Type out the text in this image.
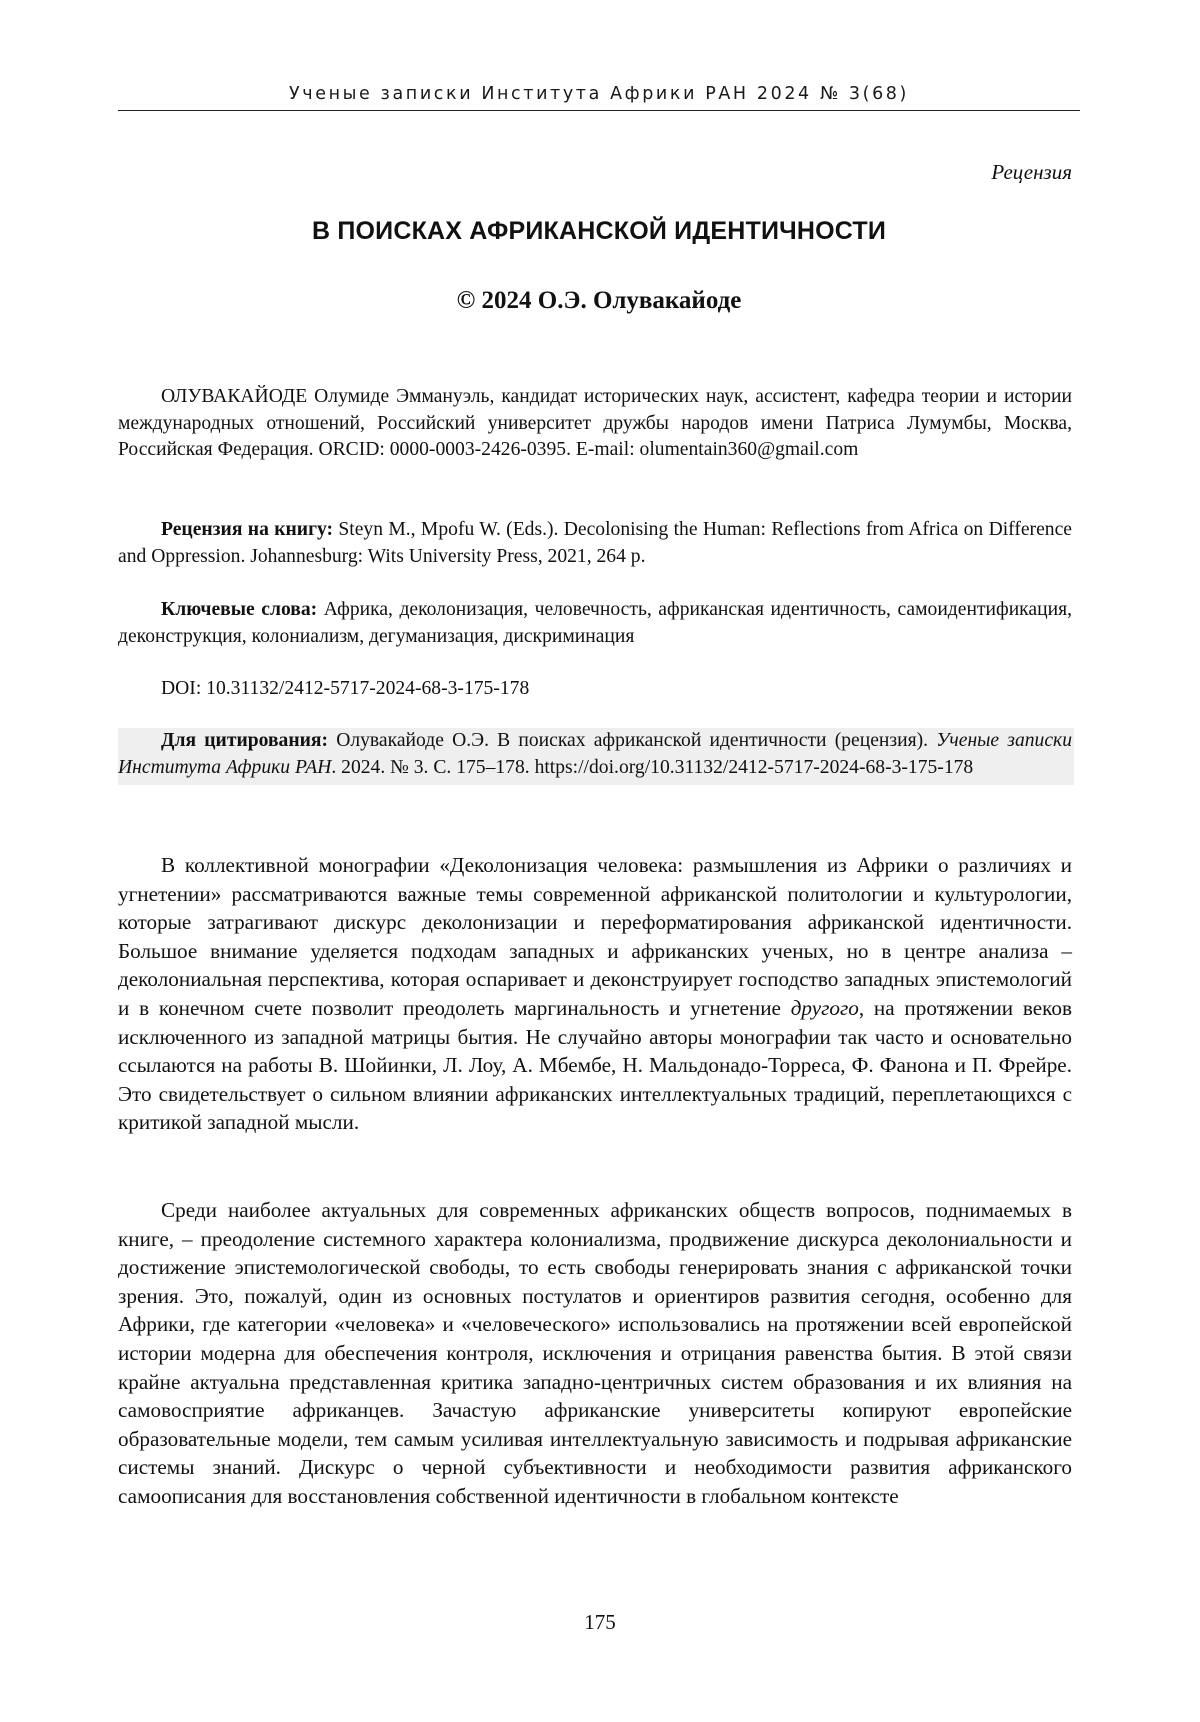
Ученые записки Института Африки РАН 2024 № 3(68)
Рецензия
В ПОИСКАХ АФРИКАНСКОЙ ИДЕНТИЧНОСТИ
© 2024 О.Э. Олувакайоде

ОЛУВАКАЙОДЕ Олумиде Эммануэль, кандидат исторических наук, ассистент, кафедра теории и истории международных отношений, Российский университет дружбы народов имени Патриса Лумумбы, Москва, Российская Федерация. ORCID: 0000-0003-2426-0395. E-mail: olumentain360@gmail.com

Рецензия на книгу: Steyn M., Mpofu W. (Eds.). Decolonising the Human: Reflections from Africa on Difference and Oppression. Johannesburg: Wits University Press, 2021, 264 p.

Ключевые слова: Африка, деколонизация, человечность, африканская идентичность, самоидентификация, деконструкция, колониализм, дегуманизация, дискриминация

DOI: 10.31132/2412-5717-2024-68-3-175-178

Для цитирования: Олувакайоде О.Э. В поисках африканской идентичности (рецензия). Ученые записки Института Африки РАН. 2024. № 3. С. 175–178. https://doi.org/10.31132/2412-5717-2024-68-3-175-178

В коллективной монографии «Деколонизация человека: размышления из Африки о различиях и угнетении» рассматриваются важные темы современной африканской политологии и культурологии, которые затрагивают дискурс деколонизации и переформатирования африканской идентичности. Большое внимание уделяется подходам западных и африканских ученых, но в центре анализа – деколониальная перспектива, которая оспаривает и деконструирует господство западных эпистемологий и в конечном счете позволит преодолеть маргинальность и угнетение другого, на протяжении веков исключенного из западной матрицы бытия. Не случайно авторы монографии так часто и основательно ссылаются на работы В. Шойинки, Л. Лоу, А. Мбембе, Н. Мальдонадо-Торреса, Ф. Фанона и П. Фрейре. Это свидетельствует о сильном влиянии африканских интеллектуальных традиций, переплетающихся с критикой западной мысли.

Среди наиболее актуальных для современных африканских обществ вопросов, поднимаемых в книге, – преодоление системного характера колониализма, продвижение дискурса деколониальности и достижение эпистемологической свободы, то есть свободы генерировать знания с африканской точки зрения. Это, пожалуй, один из основных постулатов и ориентиров развития сегодня, особенно для Африки, где категории «человека» и «человеческого» использовались на протяжении всей европейской истории модерна для обеспечения контроля, исключения и отрицания равенства бытия. В этой связи крайне актуальна представленная критика западно-центричных систем образования и их влияния на самовосприятие африканцев. Зачастую африканские университеты копируют европейские образовательные модели, тем самым усиливая интеллектуальную зависимость и подрывая африканские системы знаний. Дискурс о черной субъективности и необходимости развития африканского самоописания для восстановления собственной идентичности в глобальном контексте

175
